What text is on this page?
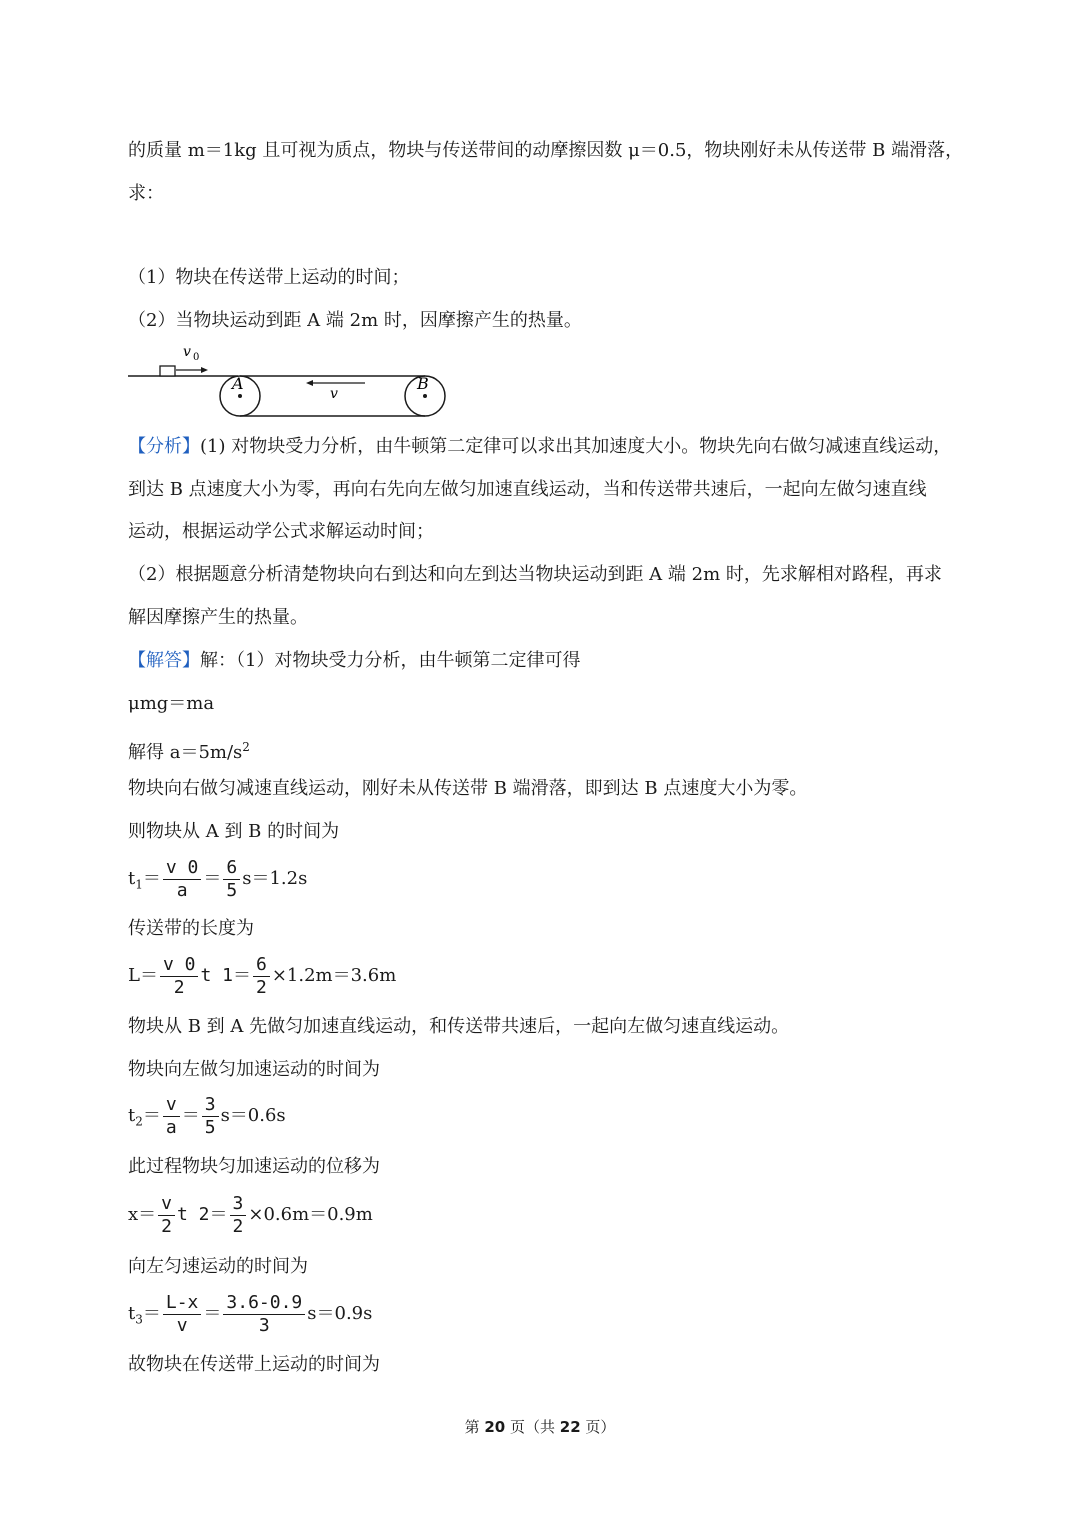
的质量 m＝1kg 且可视为质点，物块与传送带间的动摩擦因数 μ＝0.5，物块刚好未从传送带 B 端滑落，
求：
（1）物块在传送带上运动的时间；
（2）当物块运动到距 A 端 2m 时，因摩擦产生的热量。
v 0
A	B
v
【分析】(1) 对物块受力分析，由牛顿第二定律可以求出其加速度大小。物块先向右做匀减速直线运动，
到达 B 点速度大小为零，再向右先向左做匀加速直线运动，当和传送带共速后，一起向左做匀速直线
运动，根据运动学公式求解运动时间；
（2）根据题意分析清楚物块向右到达和向左到达当物块运动到距 A 端 2m 时，先求解相对路程，再求
解因摩擦产生的热量。
【解答】解：（1）对物块受力分析，由牛顿第二定律可得
μmg＝ma
解得 $a=5m/s^2$
物块向右做匀减速直线运动，刚好未从传送带 B 端滑落，即到达 B 点速度大小为零。
则物块从 A 到 B 的时间为
$t_1= \frac{v 0}{a} = \frac{6}{5} s=1.2s$
传送带的长度为
$L= \frac{v 0}{2}$ t $1= \frac{6}{2} \times 1.2m=3.6m$
物块从 B 到 A 先做匀加速直线运动，和传送带共速后，一起向左做匀速直线运动。
物块向左做匀加速运动的时间为
$t_2= \frac{v}{a} = \frac{3}{5} s=0.6s$
此过程物块匀加速运动的位移为
$x= \frac{v}{2}$ t $2= \frac{3}{2} \times 0.6m=0.9m$
向左匀速运动的时间为
$t_3= \frac{L-x}{v} = \frac{3.6-0.9}{3} s=0.9s$
故物块在传送带上运动的时间为
第 20 页（共 22 页）
